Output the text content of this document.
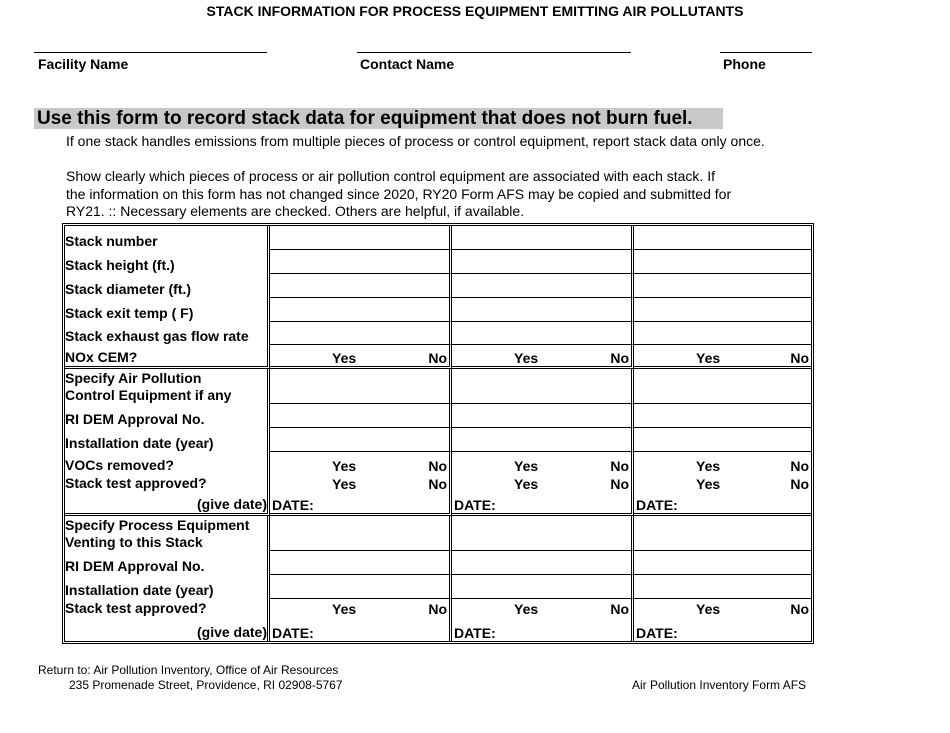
STACK INFORMATION FOR PROCESS EQUIPMENT EMITTING AIR POLLUTANTS
Facility Name	Contact Name	Phone
Use this form to record stack data for equipment that does not burn fuel.
If one stack handles emissions from multiple pieces of process or control equipment, report stack data only once.
Show clearly which pieces of process or air pollution control equipment are associated with each stack. If
the information on this form has not changed since 2020, RY20 Form AFS may be copied and submitted for
RY21. :: Necessary elements are checked. Others are helpful, if available.
Stack number			
Stack height (ft.)			
Stack diameter (ft.)			
Stack exit temp ( F)			
Stack exhaust gas flow rate			
NOx CEM?	Yes No	Yes No	Yes No

Specify Air Pollution
Control Equipment if any			

RI DEM Approval No.			
Installation date (year)			
VOCs removed?	Yes No	Yes No	Yes No

Stack test approved?	Yes No	Yes No	Yes No

(give date)	DATE:	DATE:	DATE:

Specify Process Equipment
Venting to this Stack			

RI DEM Approval No.			
Installation date (year)			
Stack test approved?	Yes No	Yes No	Yes No

(give date)	DATE:	DATE:	DATE:
Return to: Air Pollution Inventory, Office of Air Resources
235 Promenade Street, Providence, RI 02908-5767	Air Pollution Inventory Form AFS
